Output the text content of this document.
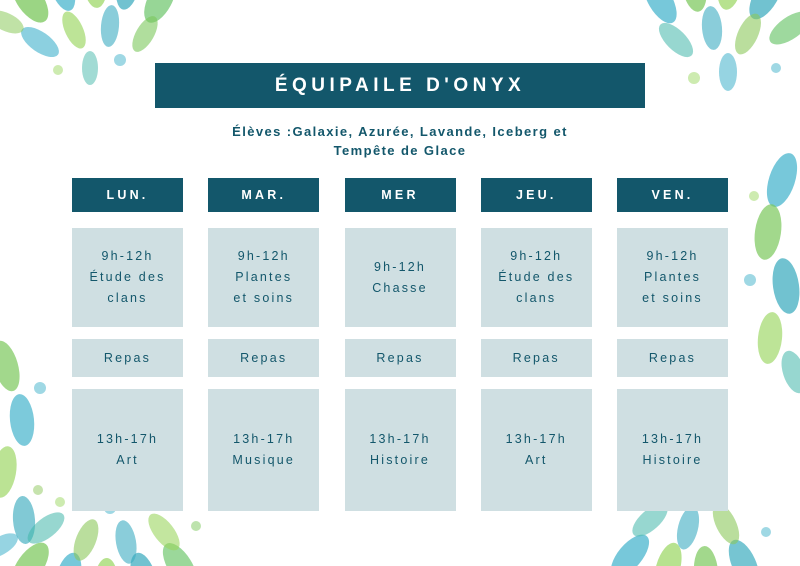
ÉQUIPAILE D'ONYX
Élèves :Galaxie, Azurée, Lavande, Iceberg et
Tempête de Glace
LUN.
9h-12h
Étude des
clans
Repas
13h-17h
Art
MAR.
9h-12h
Plantes
et soins
Repas
13h-17h
Musique
MER
9h-12h
Chasse
Repas
13h-17h
Histoire
JEU.
9h-12h
Étude des
clans
Repas
13h-17h
Art
VEN.
9h-12h
Plantes
et soins
Repas
13h-17h
Histoire
